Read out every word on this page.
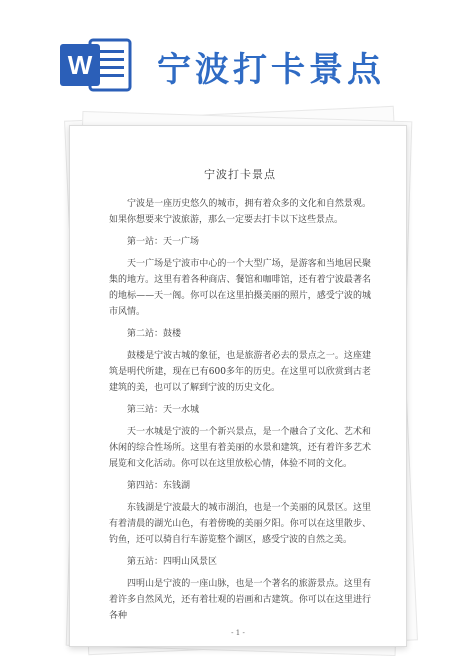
W 宁波打卡景点
宁波打卡景点
宁波是一座历史悠久的城市，拥有着众多的文化和自然景观。如果你想要来宁波旅游，那么一定要去打卡以下这些景点。
第一站：天一广场
天一广场是宁波市中心的一个大型广场，是游客和当地居民聚集的地方。这里有着各种商店、餐馆和咖啡馆，还有着宁波最著名的地标——天一阁。你可以在这里拍摄美丽的照片，感受宁波的城市风情。
第二站：鼓楼
鼓楼是宁波古城的象征，也是旅游者必去的景点之一。这座建筑是明代所建，现在已有600多年的历史。在这里可以欣赏到古老建筑的美，也可以了解到宁波的历史文化。
第三站：天一水城
天一水城是宁波的一个新兴景点，是一个融合了文化、艺术和休闲的综合性场所。这里有着美丽的水景和建筑，还有着许多艺术展览和文化活动。你可以在这里放松心情，体验不同的文化。
第四站：东钱湖
东钱湖是宁波最大的城市湖泊，也是一个美丽的风景区。这里有着清晨的湖光山色，有着傍晚的美丽夕阳。你可以在这里散步、钓鱼，还可以骑自行车游览整个湖区，感受宁波的自然之美。
第五站：四明山风景区
四明山是宁波的一座山脉，也是一个著名的旅游景点。这里有着许多自然风光，还有着壮观的岩画和古建筑。你可以在这里进行各种
- 1 -
